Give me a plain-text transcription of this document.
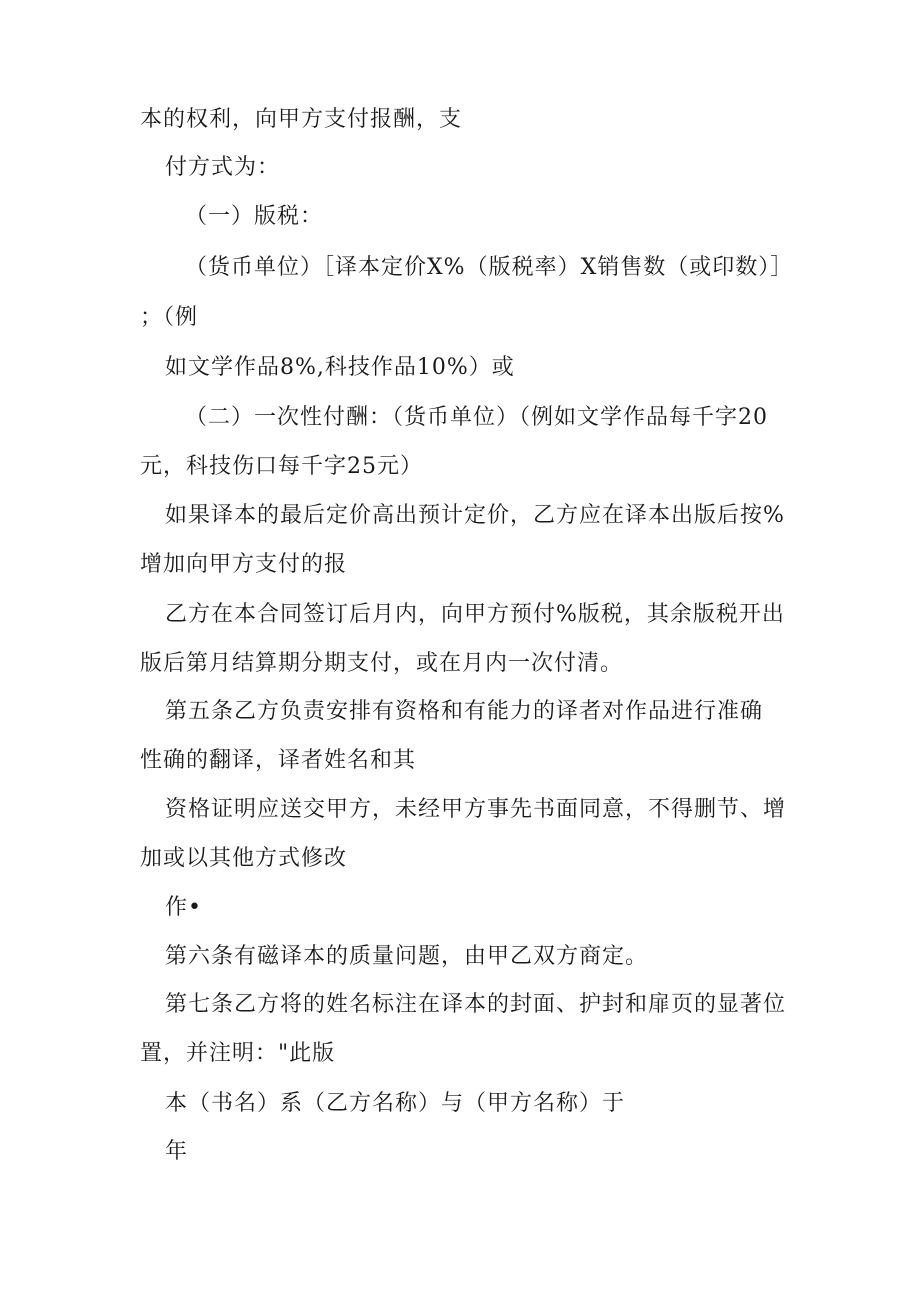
本的权利，向甲方支付报酬，支
付方式为：
（一）版税：
（货币单位）［译本定价X%（版税率）X销售数（或印数）］
；（例
如文学作品8%,科技作品10%）或
（二）一次性付酬：（货币单位）（例如文学作品每千字20
元，科技伤口每千字25元）
如果译本的最后定价高出预计定价，乙方应在译本出版后按%
增加向甲方支付的报
乙方在本合同签订后月内，向甲方预付%版税，其余版税开出
版后第月结算期分期支付，或在月内一次付清。
第五条乙方负责安排有资格和有能力的译者对作品进行准确
性确的翻译，译者姓名和其
资格证明应送交甲方，未经甲方事先书面同意，不得删节、增
加或以其他方式修改
作•
第六条有磁译本的质量问题，由甲乙双方商定。
第七条乙方将的姓名标注在译本的封面、护封和扉页的显著位
置，并注明："此版
本（书名）系（乙方名称）与（甲方名称）于
年
